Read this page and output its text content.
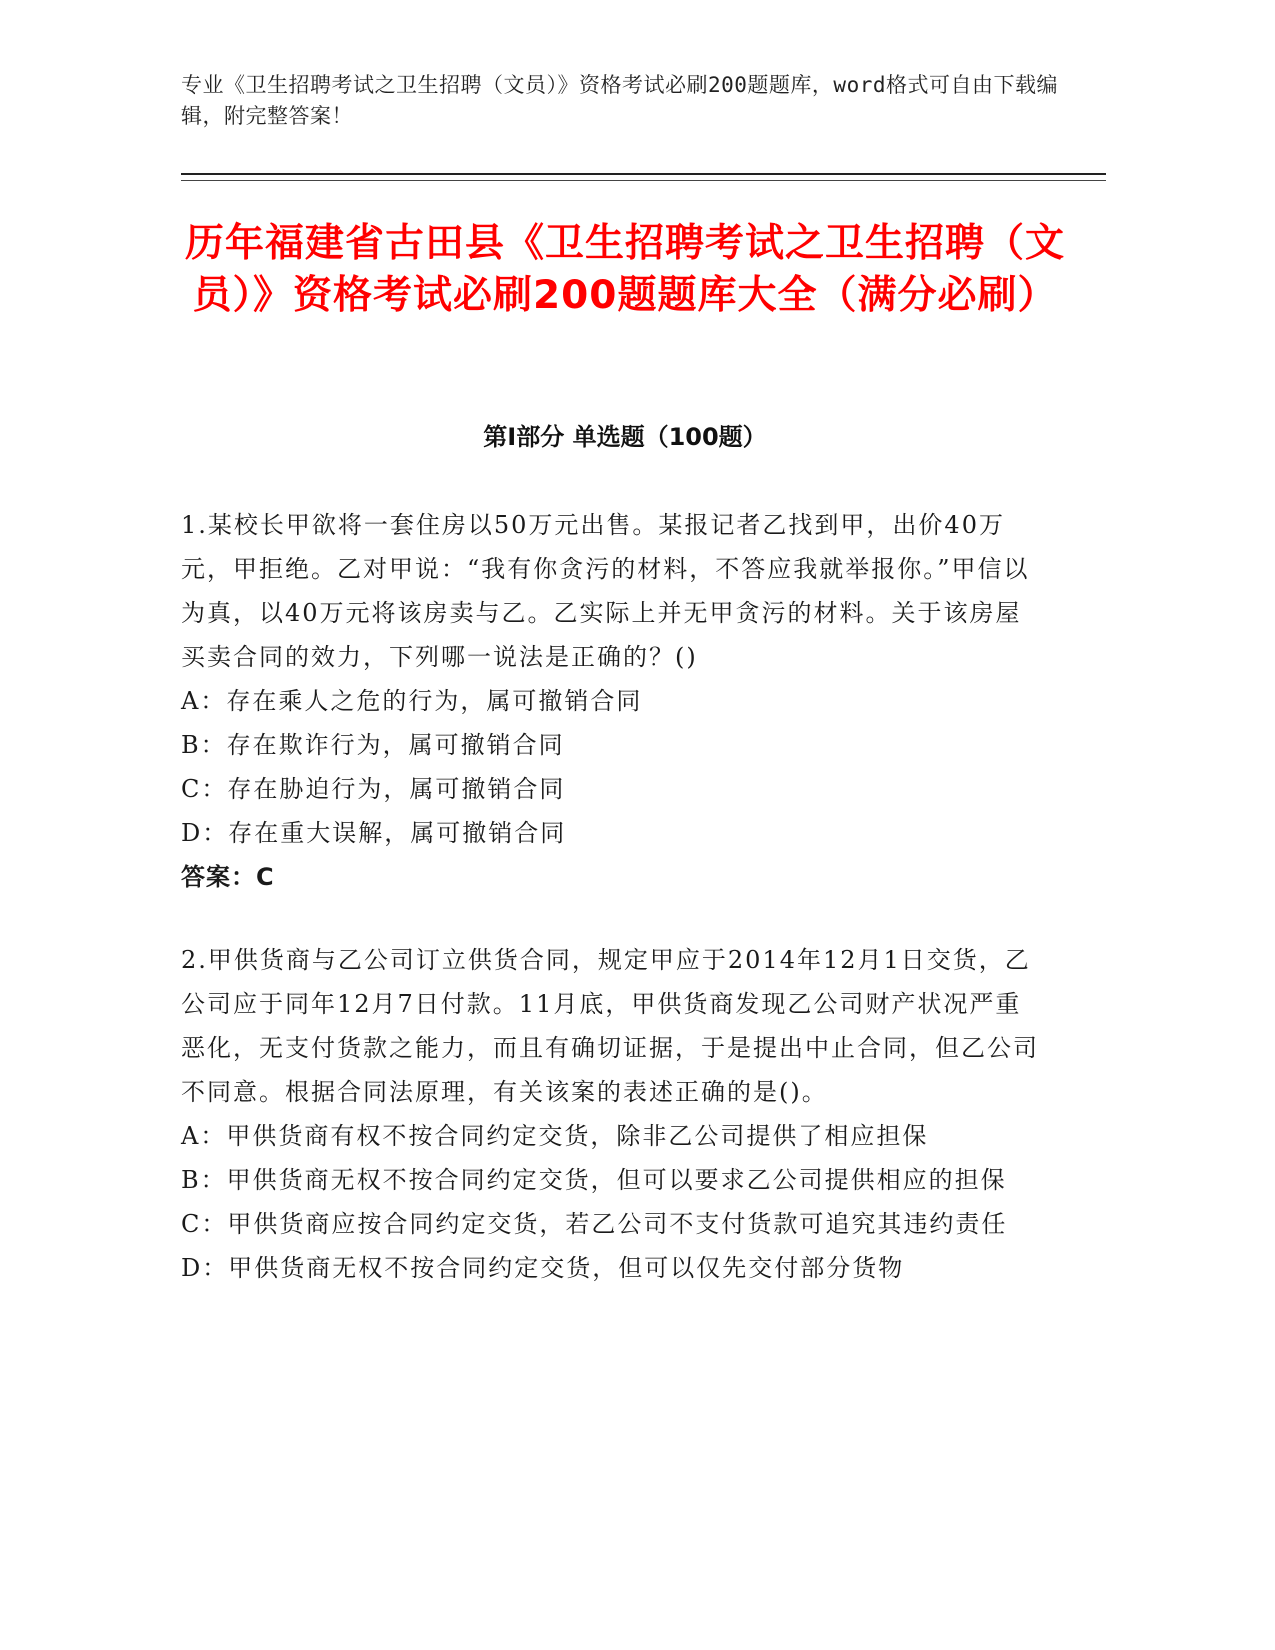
专业《卫生招聘考试之卫生招聘（文员）》资格考试必刷200题题库，word格式可自由下载编辑，附完整答案！
历年福建省古田县《卫生招聘考试之卫生招聘（文员）》资格考试必刷200题题库大全（满分必刷）
第I部分 单选题（100题）

1.某校长甲欲将一套住房以50万元出售。某报记者乙找到甲，出价40万元，甲拒绝。乙对甲说：“我有你贪污的材料，不答应我就举报你。”甲信以为真，以40万元将该房卖与乙。乙实际上并无甲贪污的材料。关于该房屋买卖合同的效力，下列哪一说法是正确的？()

A：存在乘人之危的行为，属可撤销合同

B：存在欺诈行为，属可撤销合同

C：存在胁迫行为，属可撤销合同

D：存在重大误解，属可撤销合同

答案：C

2.甲供货商与乙公司订立供货合同，规定甲应于2014年12月1日交货，乙公司应于同年12月7日付款。11月底，甲供货商发现乙公司财产状况严重恶化，无支付货款之能力，而且有确切证据，于是提出中止合同，但乙公司不同意。根据合同法原理，有关该案的表述正确的是()。

A：甲供货商有权不按合同约定交货，除非乙公司提供了相应担保

B：甲供货商无权不按合同约定交货，但可以要求乙公司提供相应的担保

C：甲供货商应按合同约定交货，若乙公司不支付货款可追究其违约责任

D：甲供货商无权不按合同约定交货，但可以仅先交付部分货物
